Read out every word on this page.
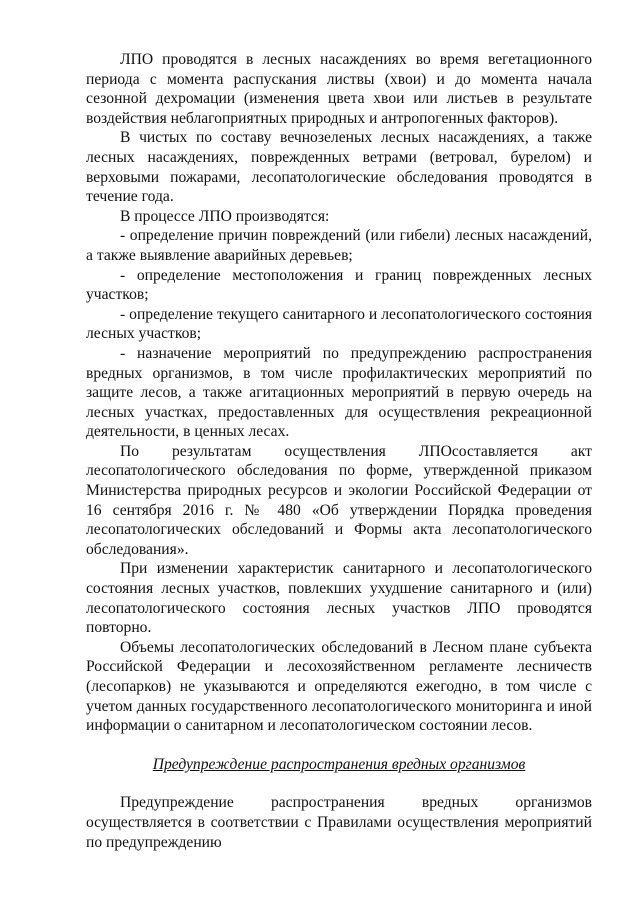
ЛПО проводятся в лесных насаждениях во время вегетационного периода с момента распускания листвы (хвои) и до момента начала сезонной дехромации (изменения цвета хвои или листьев в результате воздействия неблагоприятных природных и антропогенных факторов).

В чистых по составу вечнозеленых лесных насаждениях, а также лесных насаждениях, поврежденных ветрами (ветровал, бурелом) и верховыми пожарами, лесопатологические обследования проводятся в течение года.

В процессе ЛПО производятся:

- определение причин повреждений (или гибели) лесных насаждений, а также выявление аварийных деревьев;

- определение местоположения и границ поврежденных лесных участков;

- определение текущего санитарного и лесопатологического состояния лесных участков;

- назначение мероприятий по предупреждению распространения вредных организмов, в том числе профилактических мероприятий по защите лесов, а также агитационных мероприятий в первую очередь на лесных участках, предоставленных для осуществления рекреационной деятельности, в ценных лесах.

По результатам осуществления ЛПОсоставляется акт лесопатологического обследования по форме, утвержденной приказом Министерства природных ресурсов и экологии Российской Федерации от 16 сентября 2016 г. № 480 «Об утверждении Порядка проведения лесопатологических обследований и Формы акта лесопатологического обследования».

При изменении характеристик санитарного и лесопатологического состояния лесных участков, повлекших ухудшение санитарного и (или) лесопатологического состояния лесных участков ЛПО проводятся повторно.

Объемы лесопатологических обследований в Лесном плане субъекта Российской Федерации и лесохозяйственном регламенте лесничеств (лесопарков) не указываются и определяются ежегодно, в том числе с учетом данных государственного лесопатологического мониторинга и иной информации о санитарном и лесопатологическом состоянии лесов.

Предупреждение распространения вредных организмов

Предупреждение распространения вредных организмов осуществляется в соответствии с Правилами осуществления мероприятий по предупреждению
